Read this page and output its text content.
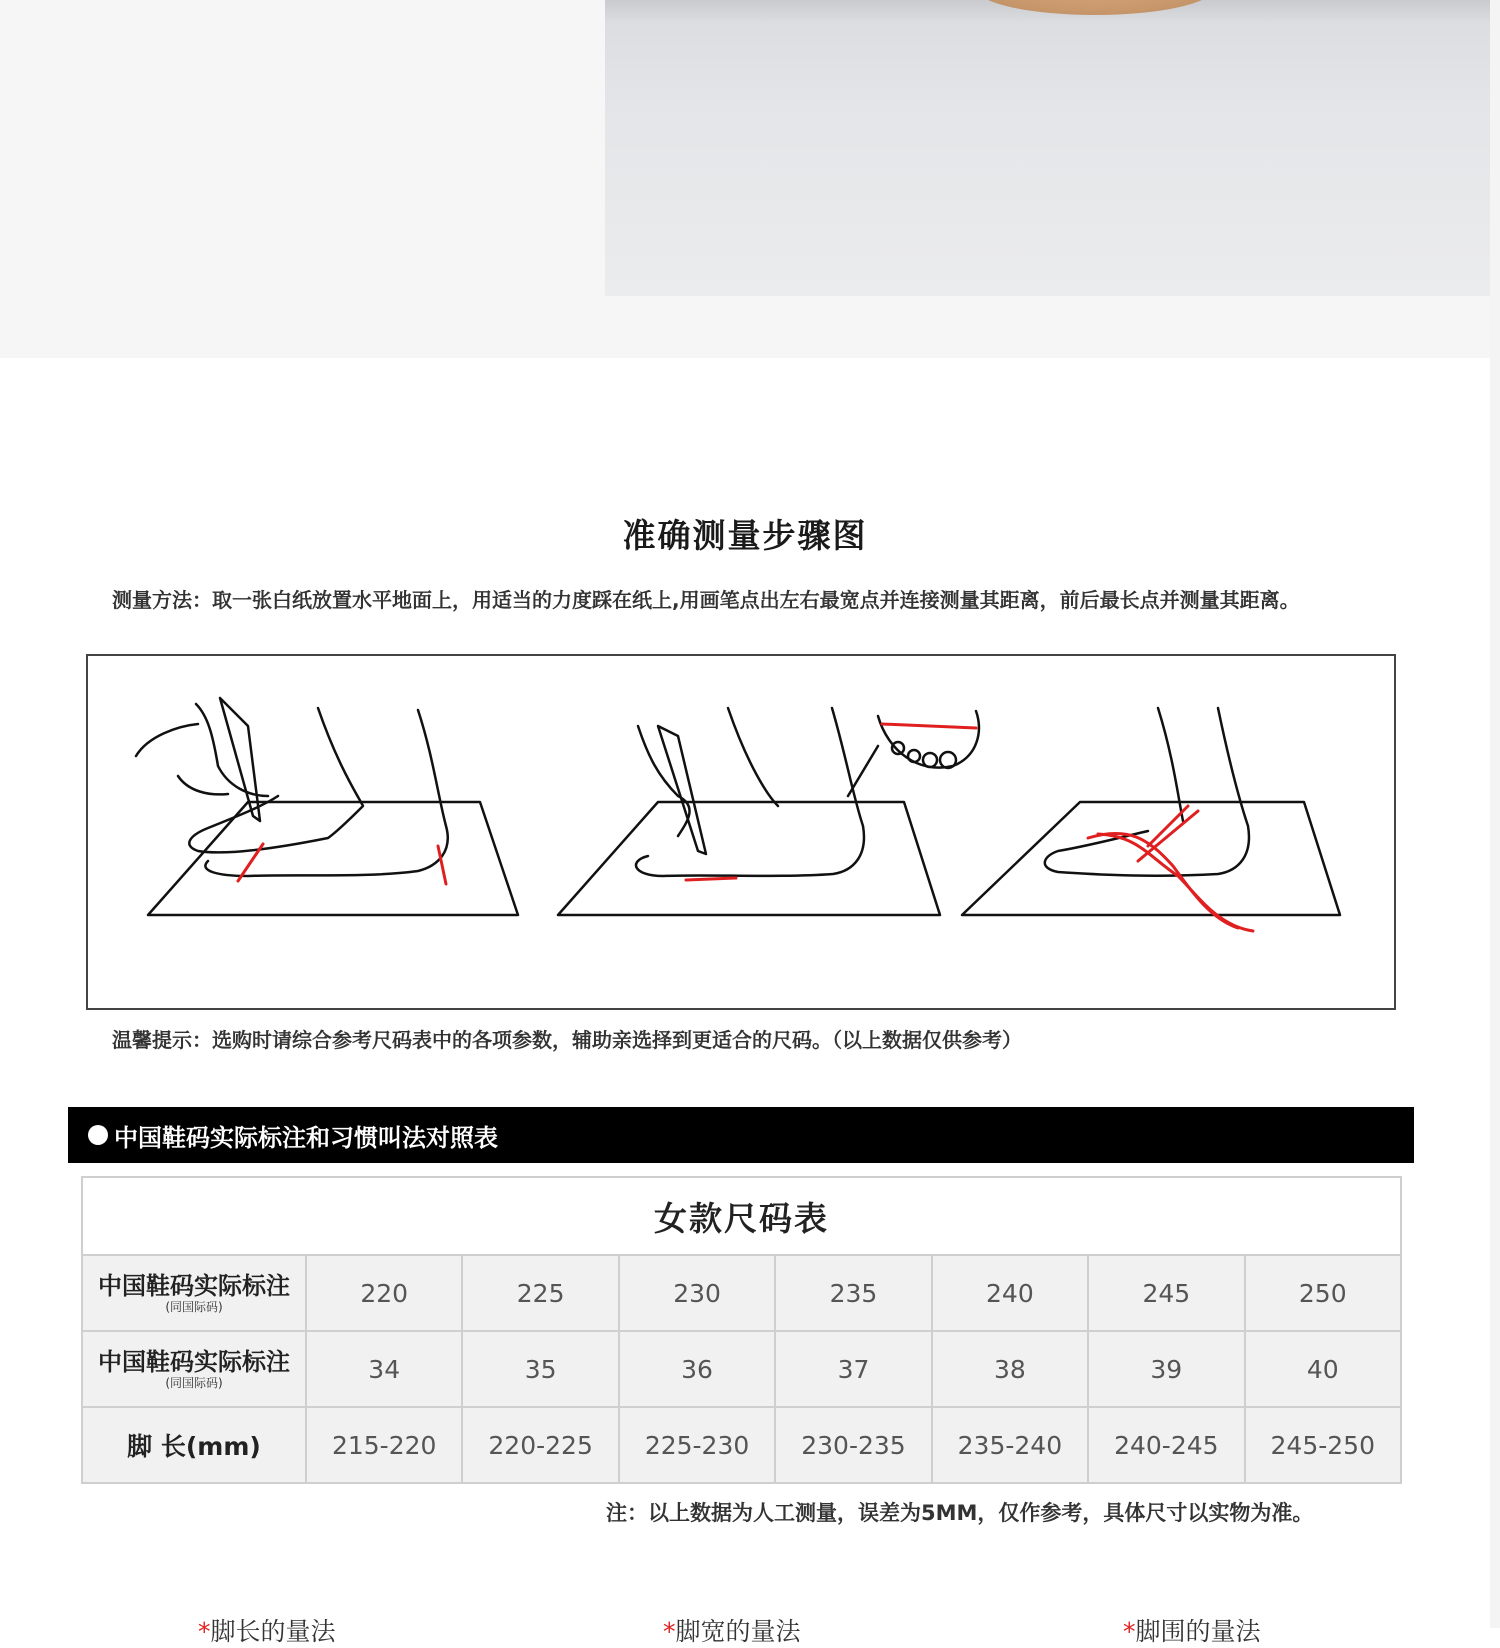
准确测量步骤图
测量方法：取一张白纸放置水平地面上，用适当的力度踩在纸上,用画笔点出左右最宽点并连接测量其距离，前后最长点并测量其距离。
*脚长的量法	*脚宽的量法	*脚围的量法
温馨提示：选购时请综合参考尺码表中的各项参数，辅助亲选择到更适合的尺码。（以上数据仅供参考）
中国鞋码实际标注和习惯叫法对照表
女款尺码表							

中国鞋码实际标注
(同国际码)	220	225	230	235	240	245	250

中国鞋码实际标注
(同国际码)	34	35	36	37	38	39	40
脚 长(mm)	215-220	220-225	225-230	230-235	235-240	240-245	245-250
注：以上数据为人工测量，误差为5MM，仅作参考，具体尺寸以实物为准。
